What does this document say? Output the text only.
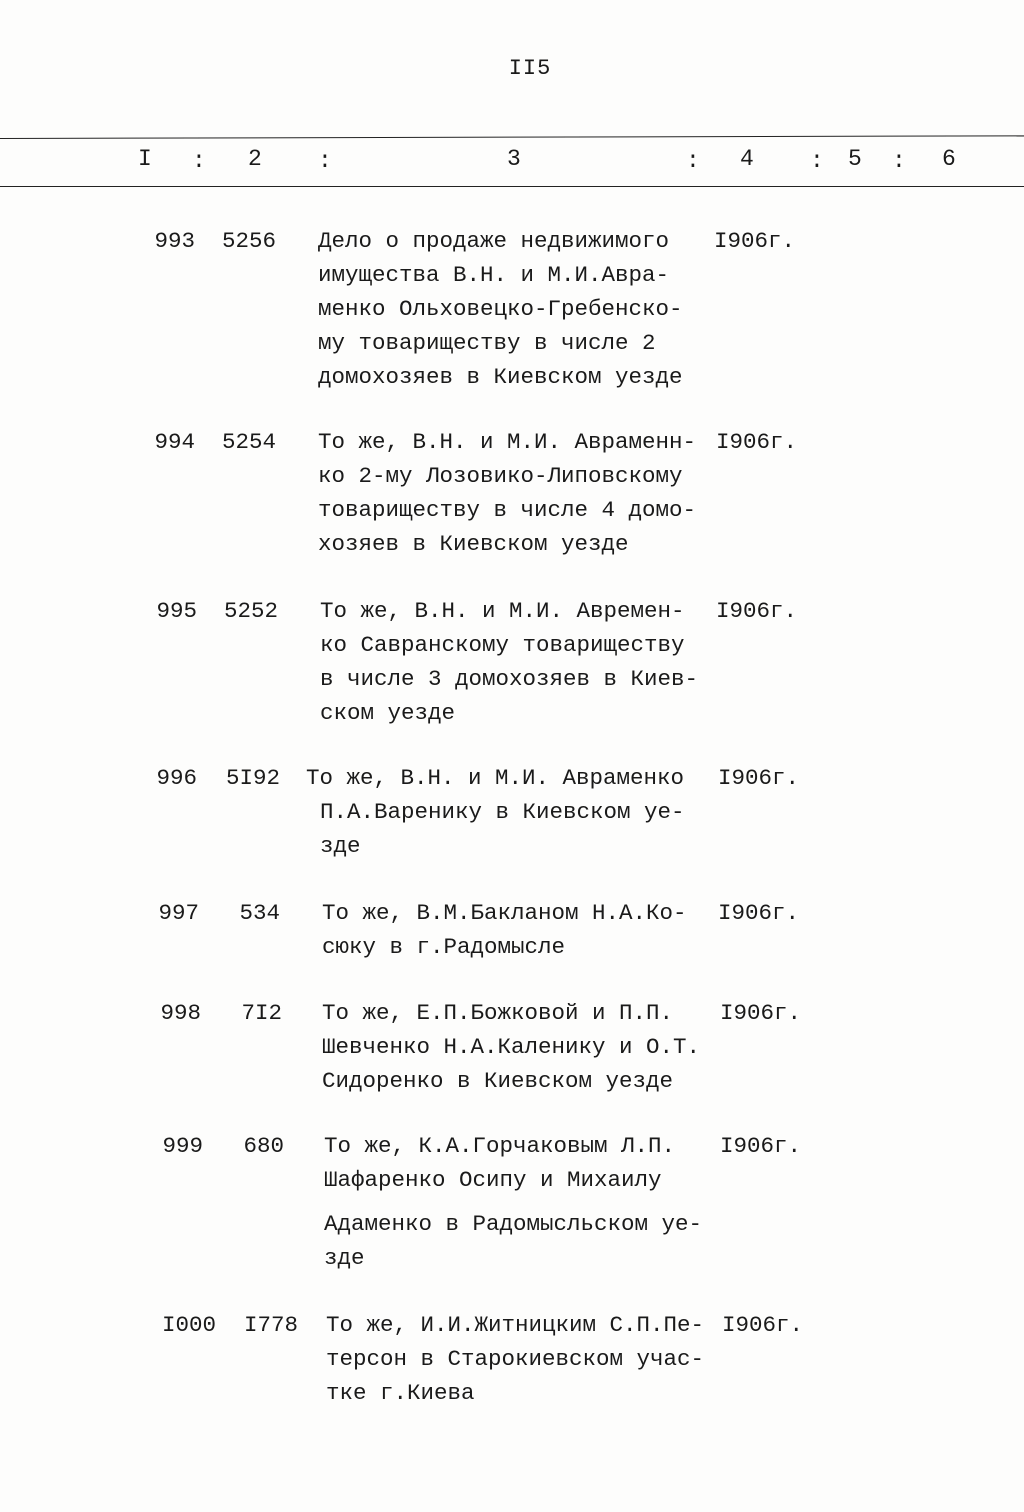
II5
I : 2 :	3	: 4 : 5 : 6
993	5256 Дело о продаже недвижимого
имущества В.Н. и М.И.Авра-
менко Ольховецко-Гребенско-
му товариществу в числе 2
домохозяев в Киевском уезде
I906г.
994	5254 То же, В.Н. и М.И. Авраменн-
ко 2-му Лозовико-Липовскому
товариществу в числе 4 домо-
хозяев в Киевском уезде
I906г.
995	5252 То же, В.Н. и М.И. Авремен-
ко Савранскому товариществу
в числе 3 домохозяев в Киев-
ском уезде
I906г.
996	5I92 То же, В.Н. и М.И. Авраменко
П.А.Варенику в Киевском уе-
зде
I906г.
997	534 То же, В.М.Бакланом Н.А.Ко-
сюку в г.Радомысле
I906г.
998	7I2 То же, Е.П.Божковой и П.П.
Шевченко Н.А.Каленику и О.Т.
Сидоренко в Киевском уезде
I906г.
999	680 То же, К.А.Горчаковым Л.П.
Шафаренко Осипу и Михаилу
Адаменко в Радомысльском уе-
зде
I906г.
I000	I778 То же, И.И.Житницким С.П.Пе-
терсон в Старокиевском учас-
тке г.Киева
I906г.
